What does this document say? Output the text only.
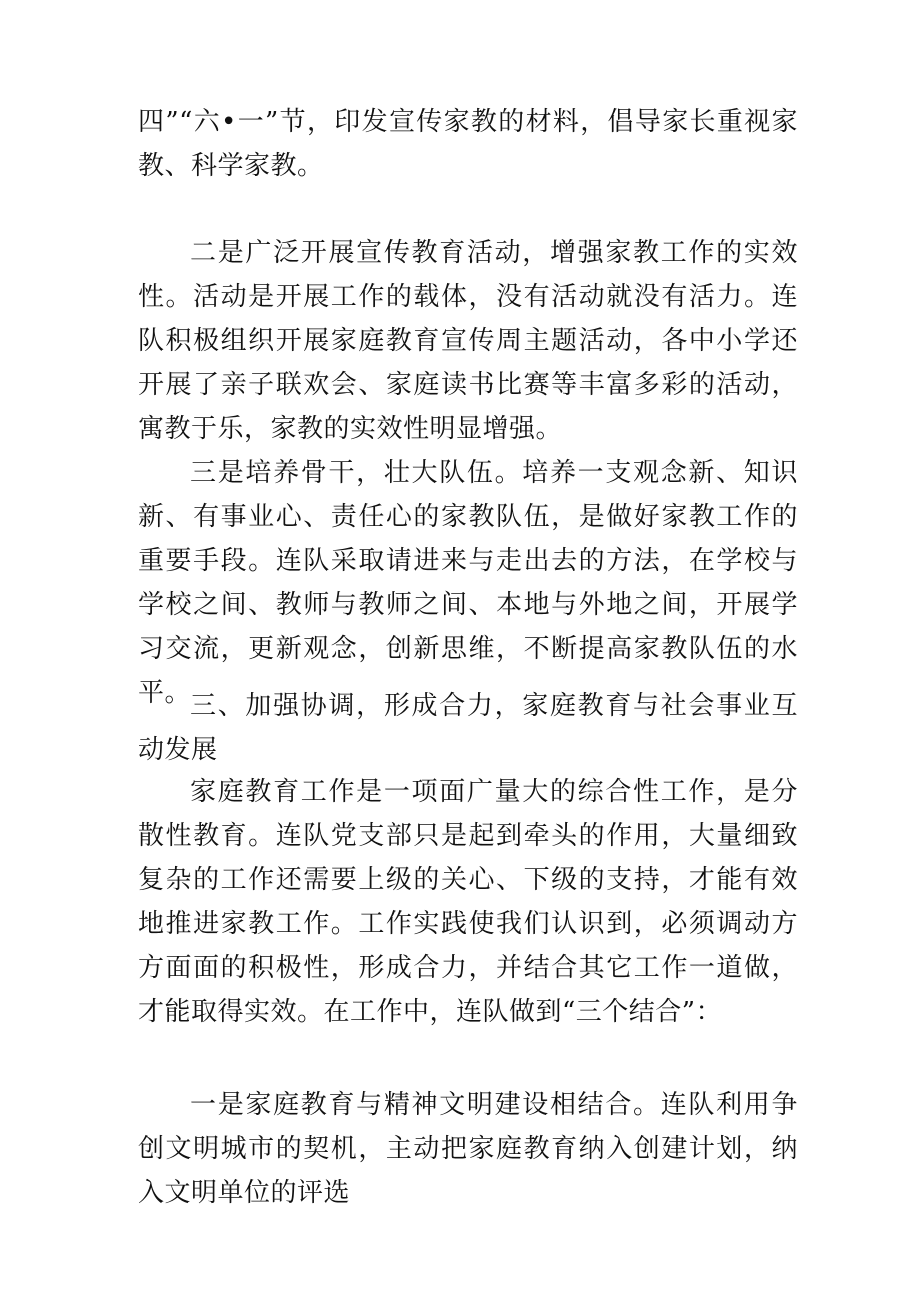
四”“六•一”节，印发宣传家教的材料，倡导家长重视家教、科学家教。

二是广泛开展宣传教育活动，增强家教工作的实效性。活动是开展工作的载体，没有活动就没有活力。连队积极组织开展家庭教育宣传周主题活动，各中小学还开展了亲子联欢会、家庭读书比赛等丰富多彩的活动，寓教于乐，家教的实效性明显增强。

三是培养骨干，壮大队伍。培养一支观念新、知识新、有事业心、责任心的家教队伍，是做好家教工作的重要手段。连队采取请进来与走出去的方法，在学校与学校之间、教师与教师之间、本地与外地之间，开展学习交流，更新观念，创新思维，不断提高家教队伍的水平。

三、加强协调，形成合力，家庭教育与社会事业互动发展

家庭教育工作是一项面广量大的综合性工作，是分散性教育。连队党支部只是起到牵头的作用，大量细致复杂的工作还需要上级的关心、下级的支持，才能有效地推进家教工作。工作实践使我们认识到，必须调动方方面面的积极性，形成合力，并结合其它工作一道做，才能取得实效。在工作中，连队做到“三个结合”：

一是家庭教育与精神文明建设相结合。连队利用争创文明城市的契机，主动把家庭教育纳入创建计划，纳入文明单位的评选
